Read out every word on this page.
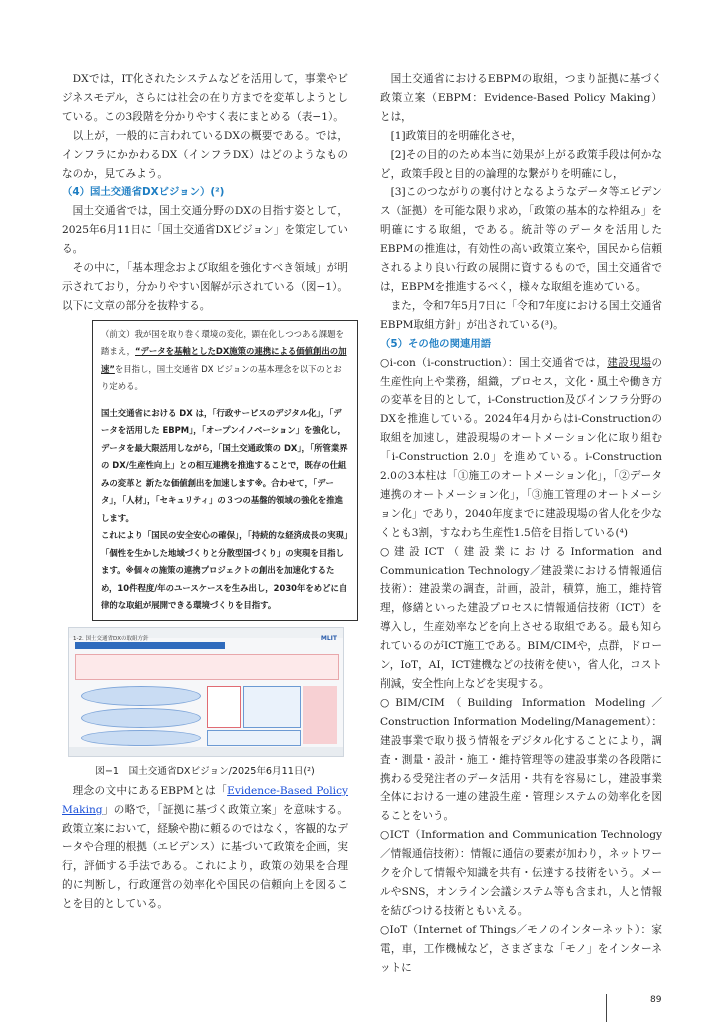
DXでは，IT化されたシステムなどを活用して，事業やビジネスモデル，さらには社会の在り方までを変革しようとしている。この3段階を分かりやすく表にまとめる（表−1）。

以上が，一般的に言われているDXの概要である。では，インフラにかかわるDX（インフラDX）はどのようなものなのか，見てみよう。

（4）国土交通省DXビジョン）(²)

国土交通省では，国土交通分野のDXの目指す姿として，2025年6月11日に「国土交通省DXビジョン」を策定している。

その中に，「基本理念および取組を強化すべき領域」が明示されており，分かりやすい図解が示されている（図−1）。以下に文章の部分を抜粋する。

（前文）我が国を取り巻く環境の変化，顕在化しつつある課題を踏まえ，“データを基軸としたDX施策の連携による価値創出の加速”を目指し，国土交通省 DX ビジョンの基本理念を以下のとおり定める。

国土交通省における DX は，「行政サービスのデジタル化」，「データを活用した EBPM」，「オープンイノベーション」を強化し，データを最大限活用しながら，「国土交通政策の DX」，「所管業界の DX/生産性向上」との相互連携を推進することで，既存の仕組みの変革と 新たな価値創出を加速します※。合わせて，「データ」，「人材」，「セキュリティ」の３つの基盤的領域の強化を推進します。

これにより「国民の安全安心の確保」，「持続的な経済成長の実現」「個性を生かした地域づくりと分散型国づくり」の実現を目指します。※個々の施策の連携プロジェクトの創出を加速化するため，10件程度/年のユースケースを生み出し，2030年をめどに自律的な取組が展開できる環境づくりを目指す。

1-2. 国土交通省DXの取組方針	MLIT

図−1　国土交通省DXビジョン/2025年6月11日(²)

理念の文中にあるEBPMとは「Evidence-Based Policy Making」の略で，「証拠に基づく政策立案」を意味する。政策立案において，経験や勘に頼るのではなく，客観的なデータや合理的根拠（エビデンス）に基づいて政策を企画，実行，評価する手法である。これにより，政策の効果を合理的に判断し，行政運営の効率化や国民の信頼向上を図ることを目的としている。

国土交通省におけるEBPMの取組，つまり証拠に基づく政策立案（EBPM：Evidence-Based Policy Making）とは，

[1]政策目的を明確化させ，

[2]その目的のため本当に効果が上がる政策手段は何かなど，政策手段と目的の論理的な繋がりを明確にし，

[3]このつながりの裏付けとなるようなデータ等エビデンス（証拠）を可能な限り求め，「政策の基本的な枠組み」を明確にする取組，である。統計等のデータを活用したEBPMの推進は，有効性の高い政策立案や，国民から信頼されるより良い行政の展開に資するもので，国土交通省では，EBPMを推進するべく，様々な取組を進めている。

また，令和7年5月7日に「令和7年度における国土交通省EBPM取組方針」が出されている(³)。

（5）その他の関連用語

○i-con（i-construction）：国土交通省では，建設現場の生産性向上や業務，組織，プロセス，文化・風土や働き方の変革を目的として，i-Construction及びインフラ分野のDXを推進している。2024年4月からはi-Constructionの取組を加速し，建設現場のオートメーション化に取り組む「i-Construction 2.0」を進めている。i-Construction 2.0の3本柱は「①施工のオートメーション化」，「②データ連携のオートメーション化」，「③施工管理のオートメーション化」であり，2040年度までに建設現場の省人化を少なくとも3割，すなわち生産性1.5倍を目指している(⁴)

○建設ICT（建設業におけるInformation and Communication Technology／建設業における情報通信技術）：建設業の調査，計画，設計，積算，施工，維持管理，修繕といった建設プロセスに情報通信技術（ICT）を導入し，生産効率などを向上させる取組である。最も知られているのがICT施工である。BIM/CIMや，点群，ドローン，IoT，AI，ICT建機などの技術を使い，省人化，コスト削減，安全性向上などを実現する。

○BIM/CIM（Building Information Modeling／Construction Information Modeling/Management）：建設事業で取り扱う情報をデジタル化することにより，調査・測量・設計・施工・維持管理等の建設事業の各段階に携わる受発注者のデータ活用・共有を容易にし，建設事業全体における一連の建設生産・管理システムの効率化を図ることをいう。

○ICT（Information and Communication Technology／情報通信技術）：情報に通信の要素が加わり，ネットワークを介して情報や知識を共有・伝達する技術をいう。メールやSNS，オンライン会議システム等も含まれ，人と情報を結びつける技術ともいえる。

○IoT（Internet of Things／モノのインターネット）：家電，車，工作機械など，さまざまな「モノ」をインターネットに

89
